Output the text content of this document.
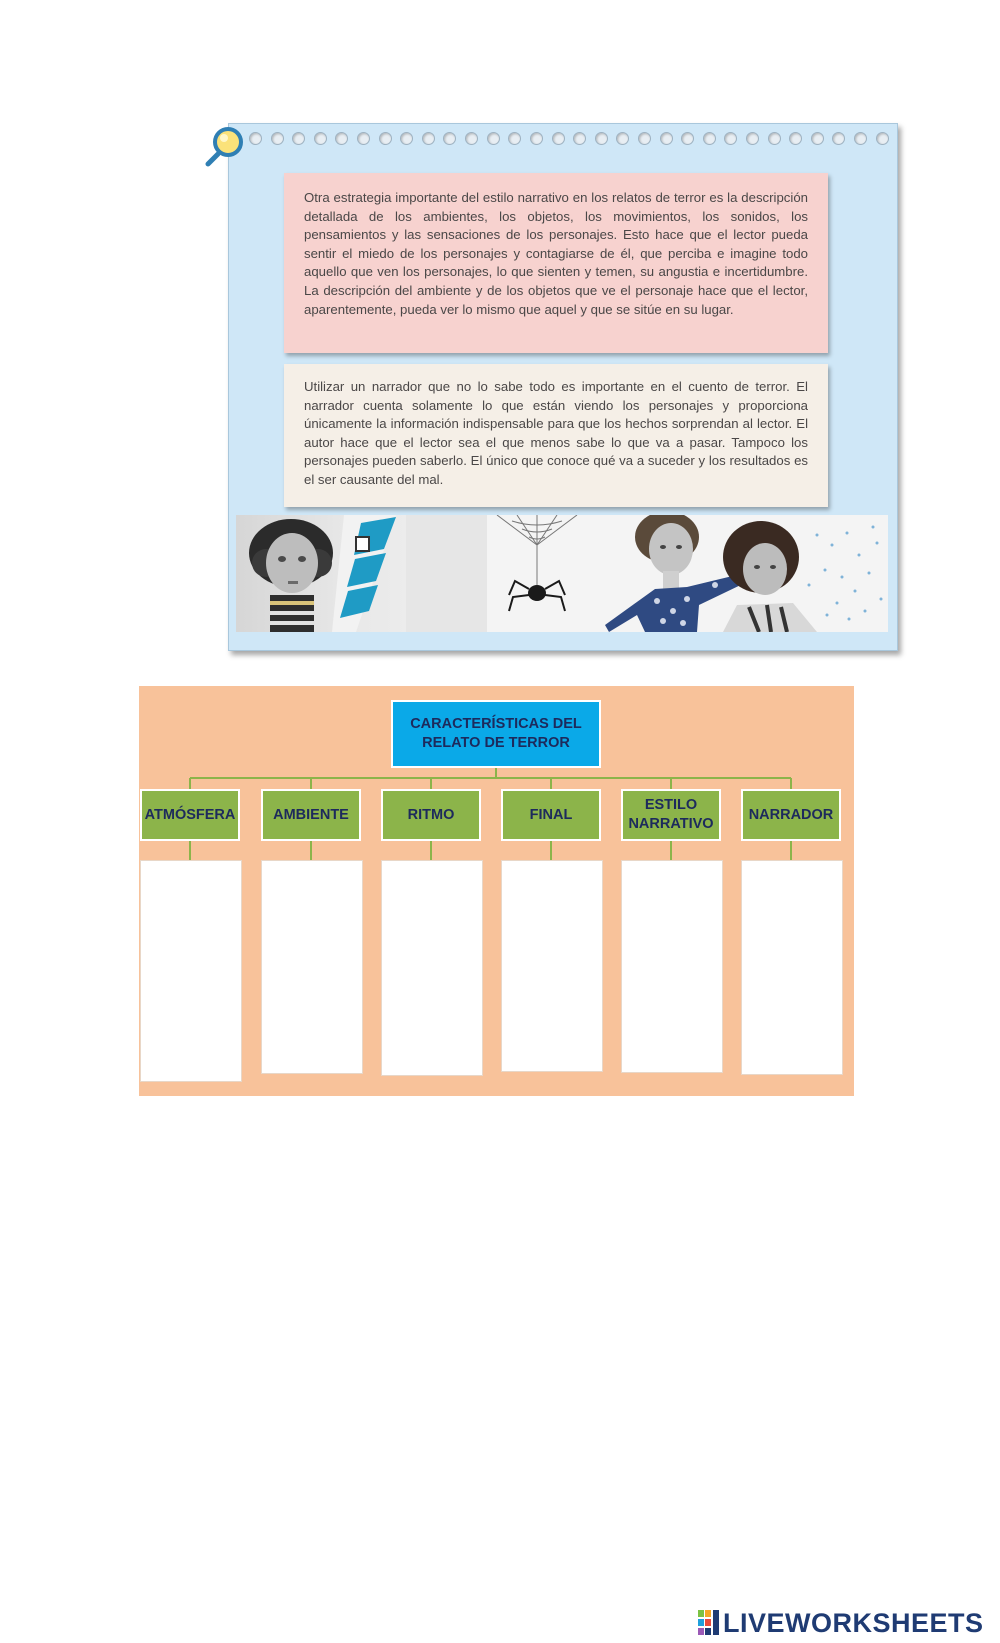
Otra estrategia importante del estilo narrativo en los relatos de terror es la descripción detallada de los ambientes, los objetos, los movimientos, los sonidos, los pensamientos y las sensaciones de los personajes. Esto hace que el lector pueda sentir el miedo de los personajes y contagiarse de él, que perciba e imagine todo aquello que ven los personajes, lo que sienten y temen, su angustia e incertidumbre. La descripción del ambiente y de los objetos que ve el personaje hace que el lector, aparentemente, pueda ver lo mismo que aquel y que se sitúe en su lugar.

Utilizar un narrador que no lo sabe todo es importante en el cuento de terror. El narrador cuenta solamente lo que están viendo los personajes y proporciona únicamente la información indispensable para que los hechos sorprendan al lector. El autor hace que el lector sea el que menos sabe lo que va a pasar. Tampoco los personajes pueden saberlo. El único que conoce qué va a suceder y los resultados es el ser causante del mal.

CARACTERÍSTICAS DEL
RELATO DE TERROR
ATMÓSFERA	AMBIENTE	RITMO	FINAL
ESTILO
NARRATIVO
NARRADOR
LIVEWORKSHEETS
